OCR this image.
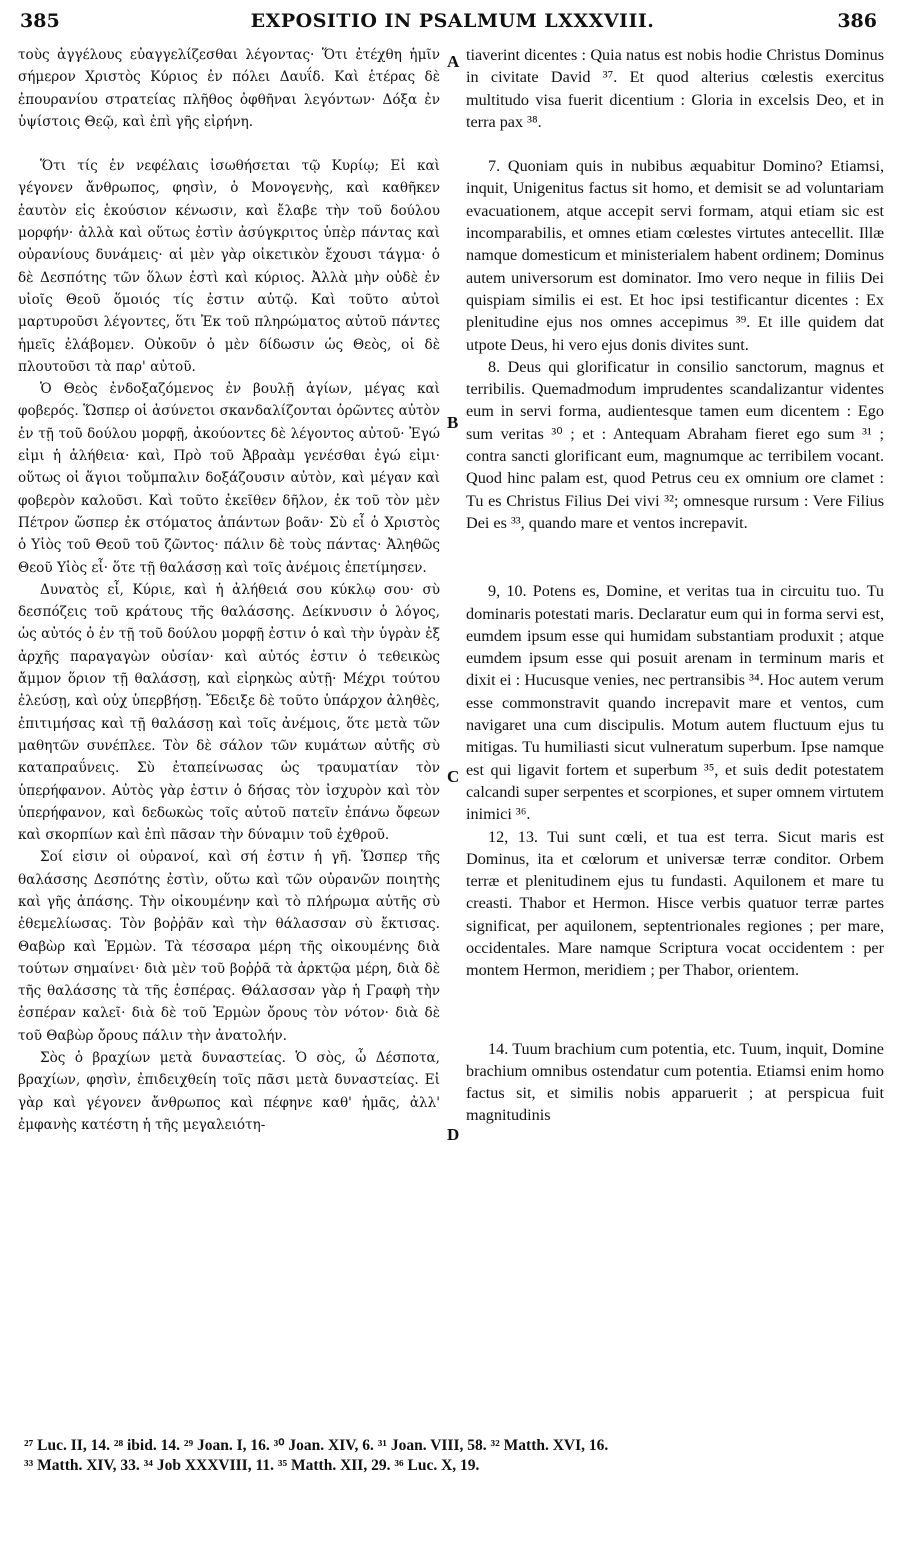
385	EXPOSITIO IN PSALMUM LXXXVIII.	386

τοὺς ἀγγέλους εὐαγγελίζεσθαι λέγοντας· Ὅτι ἐτέχθη ἡμῖν σήμερον Χριστὸς Κύριος ἐν πόλει Δαυΐδ. Καὶ ἑτέρας δὲ ἐπουρανίου στρατείας πλῆθος ὀφθῆναι λεγόντων· Δόξα ἐν ὑψίστοις Θεῷ, καὶ ἐπὶ γῆς εἰρήνη.

Ὅτι τίς ἐν νεφέλαις ἰσωθήσεται τῷ Κυρίῳ; Εἰ καὶ γέγονεν ἄνθρωπος, φησὶν, ὁ Μονογενὴς, καὶ καθῆκεν ἑαυτὸν εἰς ἑκούσιον κένωσιν, καὶ ἔλαβε τὴν τοῦ δούλου μορφήν· ἀλλὰ καὶ οὕτως ἐστὶν ἀσύγκριτος ὑπὲρ πάντας καὶ οὐρανίους δυνάμεις· αἱ μὲν γὰρ οἰκετικὸν ἔχουσι τάγμα· ὁ δὲ Δεσπότης τῶν ὅλων ἐστὶ καὶ κύριος. Ἀλλὰ μὴν οὐδὲ ἐν υἱοῖς Θεοῦ ὅμοιός τίς ἐστιν αὐτῷ. Καὶ τοῦτο αὐτοὶ μαρτυροῦσι λέγοντες, ὅτι Ἐκ τοῦ πληρώματος αὐτοῦ πάντες ἡμεῖς ἐλάβομεν. Οὐκοῦν ὁ μὲν δίδωσιν ὡς Θεὸς, οἱ δὲ πλουτοῦσι τὰ παρ' αὐτοῦ.

Ὁ Θεὸς ἐνδοξαζόμενος ἐν βουλῇ ἁγίων, μέγας καὶ φοβερός. Ὥσπερ οἱ ἀσύνετοι σκανδαλίζονται ὁρῶντες αὐτὸν ἐν τῇ τοῦ δούλου μορφῇ, ἀκούοντες δὲ λέγοντος αὐτοῦ· Ἐγώ εἰμι ἡ ἀλήθεια· καὶ, Πρὸ τοῦ Ἀβραὰμ γενέσθαι ἐγώ εἰμι· οὕτως οἱ ἅγιοι τοὔμπαλιν δοξάζουσιν αὐτὸν, καὶ μέγαν καὶ φοβερὸν καλοῦσι. Καὶ τοῦτο ἐκεῖθεν δῆλον, ἐκ τοῦ τὸν μὲν Πέτρον ὥσπερ ἐκ στόματος ἁπάντων βοᾶν· Σὺ εἶ ὁ Χριστὸς ὁ Υἱὸς τοῦ Θεοῦ τοῦ ζῶντος· πάλιν δὲ τοὺς πάντας· Ἀληθῶς Θεοῦ Υἱὸς εἶ· ὅτε τῇ θαλάσσῃ καὶ τοῖς ἀνέμοις ἐπετίμησεν.

Δυνατὸς εἶ, Κύριε, καὶ ἡ ἀλήθειά σου κύκλῳ σου· σὺ δεσπόζεις τοῦ κράτους τῆς θαλάσσης. Δείκνυσιν ὁ λόγος, ὡς αὐτός ὁ ἐν τῇ τοῦ δούλου μορφῇ ἐστιν ὁ καὶ τὴν ὑγρὰν ἐξ ἀρχῆς παραγαγὼν οὐσίαν· καὶ αὐτός ἐστιν ὁ τεθεικὼς ἄμμον ὅριον τῇ θαλάσσῃ, καὶ εἰρηκὼς αὐτῇ· Μέχρι τούτου ἐλεύσῃ, καὶ οὐχ ὑπερβήσῃ. Ἔδειξε δὲ τοῦτο ὑπάρχον ἀληθὲς, ἐπιτιμήσας καὶ τῇ θαλάσσῃ καὶ τοῖς ἀνέμοις, ὅτε μετὰ τῶν μαθητῶν συνέπλεε. Τὸν δὲ σάλον τῶν κυμάτων αὐτῆς σὺ καταπραΰνεις. Σὺ ἐταπείνωσας ὡς τραυματίαν τὸν ὑπερήφανον. Αὐτὸς γὰρ ἐστιν ὁ δήσας τὸν ἰσχυρὸν καὶ τὸν ὑπερήφανον, καὶ δεδωκὼς τοῖς αὐτοῦ πατεῖν ἐπάνω ὄφεων καὶ σκορπίων καὶ ἐπὶ πᾶσαν τὴν δύναμιν τοῦ ἐχθροῦ.

Σοί εἰσιν οἱ οὐρανοί, καὶ σή ἐστιν ἡ γῆ. Ὥσπερ τῆς θαλάσσης Δεσπότης ἐστὶν, οὕτω καὶ τῶν οὐρανῶν ποιητὴς καὶ γῆς ἁπάσης. Τὴν οἰκουμένην καὶ τὸ πλήρωμα αὐτῆς σὺ ἐθεμελίωσας. Τὸν βοῤῥᾶν καὶ τὴν θάλασσαν σὺ ἔκτισας. Θαβὼρ καὶ Ἑρμὼν. Τὰ τέσσαρα μέρη τῆς οἰκουμένης διὰ τούτων σημαίνει· διὰ μὲν τοῦ βοῤῥᾶ τὰ ἀρκτῷα μέρη, διὰ δὲ τῆς θαλάσσης τὰ τῆς ἑσπέρας. Θάλασσαν γὰρ ἡ Γραφὴ τὴν ἑσπέραν καλεῖ· διὰ δὲ τοῦ Ἑρμὼν ὄρους τὸν νότον· διὰ δὲ τοῦ Θαβὼρ ὄρους πάλιν τὴν ἀνατολήν.

Σὸς ὁ βραχίων μετὰ δυναστείας. Ὁ σὸς, ὦ Δέσποτα, βραχίων, φησὶν, ἐπιδειχθείη τοῖς πᾶσι μετὰ δυναστείας. Εἰ γὰρ καὶ γέγονεν ἄνθρωπος καὶ πέφηνε καθ' ἡμᾶς, ἀλλ' ἐμφανὴς κατέστη ἡ τῆς μεγαλειότη-

A
B
C
D

tiaverint dicentes : Quia natus est nobis hodie Christus Dominus in civitate David ³⁷. Et quod alterius cœlestis exercitus multitudo visa fuerit dicentium : Gloria in excelsis Deo, et in terra pax ³⁸.

7. Quoniam quis in nubibus æquabitur Domino? Etiamsi, inquit, Unigenitus factus sit homo, et demisit se ad voluntariam evacuationem, atque accepit servi formam, atqui etiam sic est incomparabilis, et omnes etiam cœlestes virtutes antecellit. Illæ namque domesticum et ministerialem habent ordinem; Dominus autem universorum est dominator. Imo vero neque in filiis Dei quispiam similis ei est. Et hoc ipsi testificantur dicentes : Ex plenitudine ejus nos omnes accepimus ³⁹. Et ille quidem dat utpote Deus, hi vero ejus donis divites sunt.

8. Deus qui glorificatur in consilio sanctorum, magnus et terribilis. Quemadmodum imprudentes scandalizantur videntes eum in servi forma, audientesque tamen eum dicentem : Ego sum veritas ³⁰ ; et : Antequam Abraham fieret ego sum ³¹ ; contra sancti glorificant eum, magnumque ac terribilem vocant. Quod hinc palam est, quod Petrus ceu ex omnium ore clamet : Tu es Christus Filius Dei vivi ³²; omnesque rursum : Vere Filius Dei es ³³, quando mare et ventos increpavit.

9, 10. Potens es, Domine, et veritas tua in circuitu tuo. Tu dominaris potestati maris. Declaratur eum qui in forma servi est, eumdem ipsum esse qui humidam substantiam produxit ; atque eumdem ipsum esse qui posuit arenam in terminum maris et dixit ei : Hucusque venies, nec pertransibis ³⁴. Hoc autem verum esse commonstravit quando increpavit mare et ventos, cum navigaret una cum discipulis. Motum autem fluctuum ejus tu mitigas. Tu humiliasti sicut vulneratum superbum. Ipse namque est qui ligavit fortem et superbum ³⁵, et suis dedit potestatem calcandi super serpentes et scorpiones, et super omnem virtutem inimici ³⁶.

12, 13. Tui sunt cœli, et tua est terra. Sicut maris est Dominus, ita et cœlorum et universæ terræ conditor. Orbem terræ et plenitudinem ejus tu fundasti. Aquilonem et mare tu creasti. Thabor et Hermon. Hisce verbis quatuor terræ partes significat, per aquilonem, septentrionales regiones ; per mare, occidentales. Mare namque Scriptura vocat occidentem : per montem Hermon, meridiem ; per Thabor, orientem.

14. Tuum brachium cum potentia, etc. Tuum, inquit, Domine brachium omnibus ostendatur cum potentia. Etiamsi enim homo factus sit, et similis nobis apparuerit ; at perspicua fuit magnitudinis

²⁷ Luc. II, 14. ²⁸ ibid. 14. ²⁹ Joan. I, 16. ³⁰ Joan. XIV, 6. ³¹ Joan. VIII, 58. ³² Matth. XVI, 16.
³³ Matth. XIV, 33. ³⁴ Job XXXVIII, 11. ³⁵ Matth. XII, 29. ³⁶ Luc. X, 19.
